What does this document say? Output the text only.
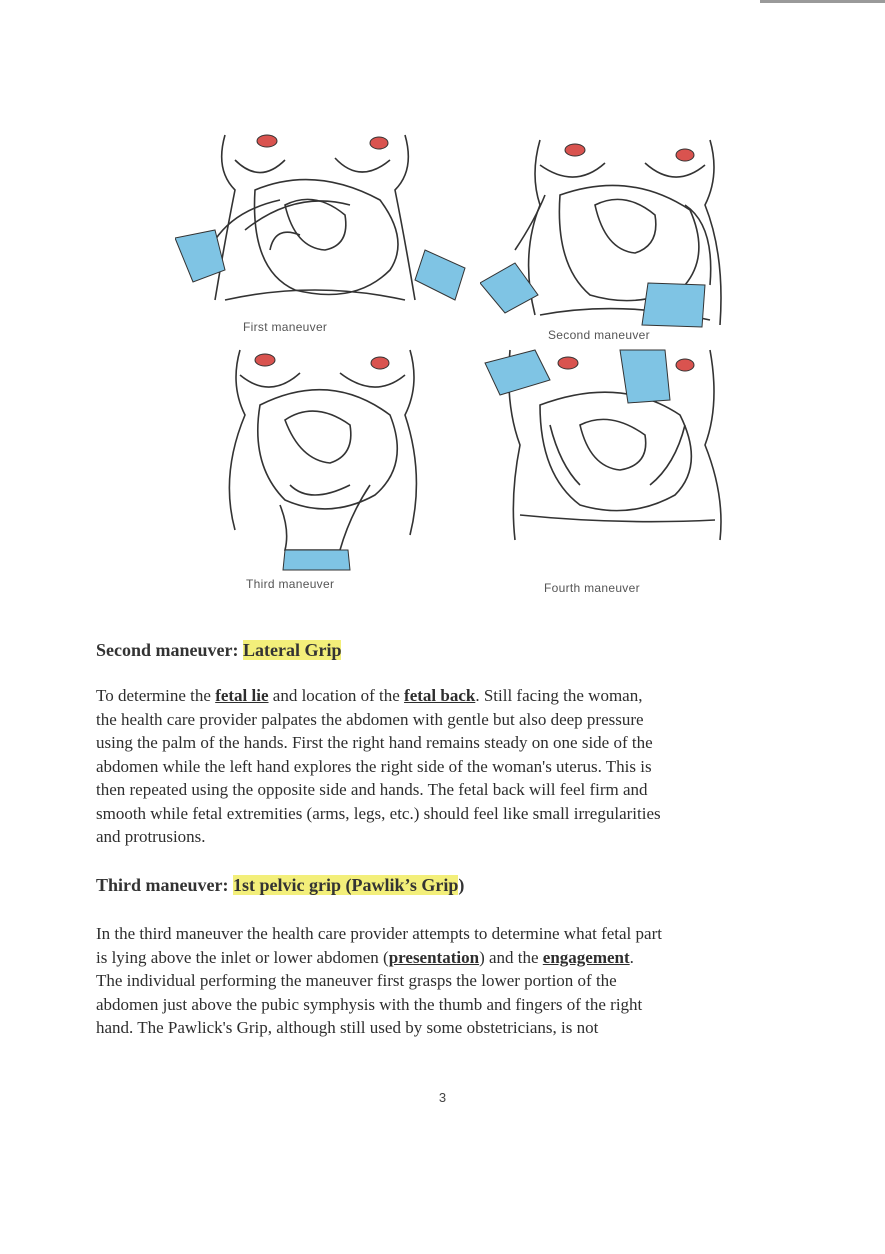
First maneuver
Second maneuver
Third maneuver	Fourth maneuver
Second maneuver: Lateral Grip
To determine the fetal lie and location of the fetal back. Still facing the woman,
the health care provider palpates the abdomen with gentle but also deep pressure
using the palm of the hands. First the right hand remains steady on one side of the
abdomen while the left hand explores the right side of the woman's uterus. This is
then repeated using the opposite side and hands. The fetal back will feel firm and
smooth while fetal extremities (arms, legs, etc.) should feel like small irregularities
and protrusions.
Third maneuver: 1st pelvic grip (Pawlik’s Grip)
In the third maneuver the health care provider attempts to determine what fetal part
is lying above the inlet or lower abdomen (presentation) and the engagement.
The individual performing the maneuver first grasps the lower portion of the
abdomen just above the pubic symphysis with the thumb and fingers of the right
hand. The Pawlick's Grip, although still used by some obstetricians, is not
3
